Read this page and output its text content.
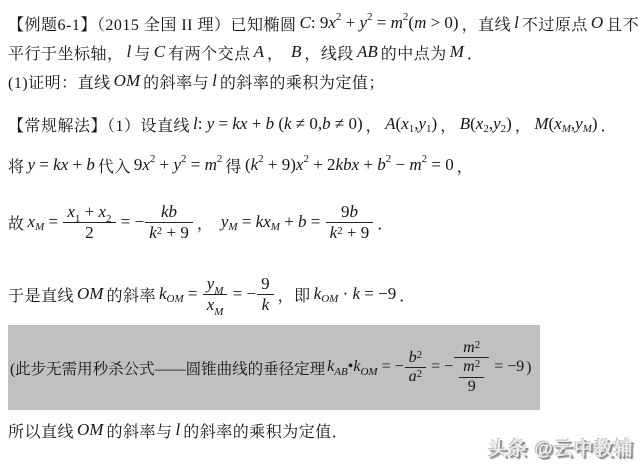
【例题6-1】（2015 全国 II 理）已知椭圆 C : 9 x 2 + y 2 = m 2 ( m > 0) ，直线 l 不过原点 O 且不
平行于坐标轴， l 与 C 有两个交点 A ， B ，线段 AB 的中点为 M ．
(1)证明：直线 OM 的斜率与 l 的斜率的乘积为定值；
【常规解法】（1）设直线 l : y = kx + b ( k ≠ 0, b ≠ 0) ， A ( x 1 , y 1 ) ， B ( x 2 , y 2 ) ， M ( x M , y M ) ．
将 y = kx + b 代入 9 x 2 + y 2 = m 2 得 ( k 2 + 9) x 2 + 2 kbx + b 2 − m 2 = 0 ，
故 x $M = \frac{x_1 + x_2}{2}$ = − $\frac{kb}{k^2 + 9}$ ， y M = kx $M + b = \frac{9b}{k^2 + 9}$ ．
于是直线 OM 的斜率 k OM = $\frac{y_M}{x_M}$ = − $\frac{9}{k}$ ，即 k OM · k = −9 ．
(此步无需用秒杀公式——圆锥曲线的垂径定理 k AB • k OM = − $\frac{b^2}{a^2}$ = − $\frac{m^2}{\frac{m^2}{9}} = -9$ )
所以直线 OM 的斜率与 l 的斜率的乘积为定值．
头条 @云中教辅
